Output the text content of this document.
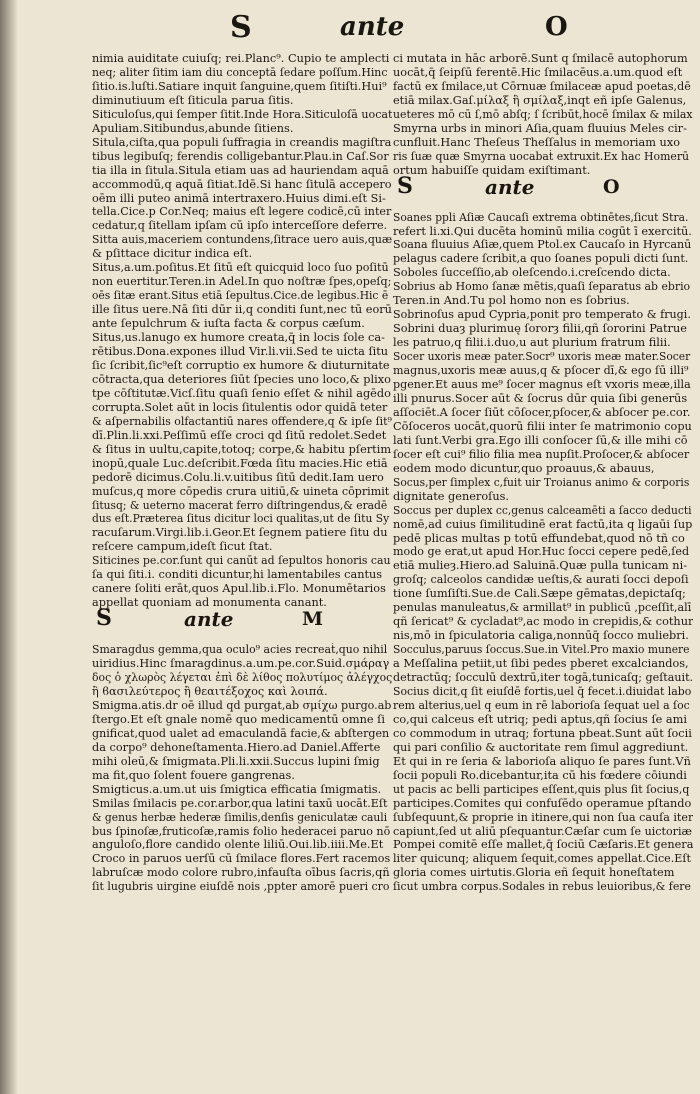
S	ante	O
nimia auiditate cuiuſq; rei.Planc⁹. Cupio te amplecti
neq; aliter ſitim iam diu conceptā ſedare poſſum.Hinc
ſitio.is.luſti.Satiare inquit ſanguine,quem ſitiſti.Hui⁹
diminutiuum eſt ſiticula parua ſitis.
Siticuloſus,qui ſemper ſitit.Inde Hora.Siticuloſā uocat
Apuliam.Sitibundus,abunde ſitiens.
Situla,ciſta,qua populi ſuffragia in creandis magiſtra
tibus legibuſq; ferendis colligebantur.Plau.in Caſ.Sor
tia illa in ſitula.Situla etiam uas ad hauriendam aquā
accommodū,q aquā ſitiat.Idē.Si hanc ſitulā accepero
oēm illi puteo animā intertraxero.Huius dimi.eſt Si-
tella.Cice.p Cor.Neq; maius eſt legere codicē,cū inter
cedatur,q ſitellam ipſam cū ipſo interceſſore deferre.
Sitta auis,maceriem contundens,ſitrace uero auis,quæ
& pſittace dicitur indica eſt.
Situs,a.um.poſitus.Et ſitū eſt quicquid loco ſuo poſitū
non euertitur.Teren.in Adel.In quo noſtræ ſpes,opeſq;
oēs ſitæ erant.Situs etiā ſepultus.Cice.de legibus.Hic ē
ille ſitus uere.Nā ſiti dūr ii,q conditi ſunt,nec tū eorū
ante ſepulchrum & iuſta facta & corpus cæſum.
Situs,us.lanugo ex humore creata,q̄ in locis ſole ca-
rētibus.Dona.expones illud Vir.li.vii.Sed te uicta ſitu
ſic ſcribit,ſic⁹eſt corruptio ex humore & diuturnitate
cōtracta,qua deteriores ſiūt ſpecies uno loco,& plixo
tpe cōſtitutæ.Vicſ.ſitu quaſi ſenio eſſet & nihil agēdo
corrupta.Solet aūt in locis ſitulentis odor quidā teter
& aſpernabilis olfactantiū nares offendere,q & ipſe ſit⁹
dī.Plin.li.xxi.Peſſimū eſſe croci qd ſitū redolet.Sedet
& ſitus in uultu,capite,totoq; corpe,& habitu pſertim
inopū,quale Luc.deſcribit.Fœda ſitu macies.Hic etiā
pedorē dicimus.Colu.li.v.uitibus ſitū dedit.Iam uero
muſcus,q more cōpedis crura uitiū,& uineta cōprimit
ſitusq; & ueterno macerat ferro diſtringendus,& eradē
dus eſt.Præterea ſitus dicitur loci qualitas,ut de ſitu Sy
racuſarum.Virgi.lib.i.Geor.Et ſegnem patiere ſitu du
reſcere campum,ideſt ſicut ſtat.
Siticines pe.cor.ſunt qui canūt ad ſepultos honoris cau
ſa qui ſiti.i. conditi dicuntur,hi lamentabiles cantus
canere ſoliti erāt,quos Apul.lib.i.Flo. Monumētarios
appellat quoniam ad monumenta canant.
S	ante	M
Smaragdus gemma,qua oculo⁹ acies recreaṫ,quo nihil
uiridius.Hinc ſmaragdinus.a.um.pe.cor.Suid.σμάραγ
δος ὁ χλωρὸς λέγεται ἐπὶ δὲ λίθος πολυτίμος ἀλέγχος
ἢ ϐασιλεύτερος ἢ θεαιτέξοχος καὶ λοιπά.
Smigma.atis.dr oē illud qd purgat,ab σμίχω purgo.ab
ſtergo.Et eſt gnale nomē quo medicamentū omne ſi
gnificat,quod ualet ad emaculandā facie,& abſtergen
da corpo⁹ dehoneſtamenta.Hiero.ad Daniel.Afferte
mihi oleū,& ſmigmata.Pli.li.xxii.Succus lupini ſmig
ma fit,quo ſolent fouere gangrenas.
Smigticus.a.um.ut uis ſmigtica efficatia ſmigmatis.
Smilas ſmilacis pe.cor.arbor,qua latini taxū uocāt.Eſt
& genus herbæ hederæ ſimilis,denſis geniculatæ cauli
bus ſpinoſæ,fruticoſæ,ramis folio hederacei paruo nō
anguloſo,flore candido olente liliū.Oui.lib.iiii.Me.Et
Croco in paruos uerſū cū ſmilace flores.Fert racemos
labruſcæ modo colore rubro,infauſta oībus ſacris,qñ
ſit lugubris uirgine eiuſdē nois ,ppter amorē pueri cro
ci mutata in hāc arborē.Sunt q ſmilacē autophorum
uocāt,q̄ ſeipſū ferentē.Hic ſmilacēus.a.um.quod eſt
factū ex ſmilace,ut Cōrnuæ ſmilaceæ apud poetas,dē
etiā milax.Gaſ.μίλαξ ἢ σμίλαξ,inqt eñ ipſe Galenus,
ueteres mō cū ſ,mō abſq; ſ ſcribūt,hocē ſmilax & milax
Smyrna urbs in minori Aſia,quam fluuius Meles cir-
cunfluit.Hanc Theſeus Theſſalus in memoriam uxo
ris ſuæ quæ Smyrna uocabaṫ extruxit.Ex hac Homerū
ortum habuiſſe quidam exiſtimant.
S	ante	O
Soanes ppli Aſiæ Caucaſi extrema obtinētes,ſicut Stra.
refert li.xi.Qui ducēta hominū milia cogūt ī exercitū.
Soana fluuius Aſiæ,quem Ptol.ex Caucaſo in Hyrcanū
pelagus cadere ſcribit,a quo ſoanes populi dicti ſunt.
Soboles ſucceſſio,ab oleſcendo.i.creſcendo dicta.
Sobrius ab Homo ſanæ mētis,quaſi ſeparatus ab ebrio
Teren.in And.Tu pol homo non es ſobrius.
Sobrinoſus apud Cypria,ponit pro temperato & frugi.
Sobrini duaȝ plurimuę ſororȝ filii,qñ ſororini Patrue
les patruo,q filii.i.duo,u aut plurium fratrum filii.
Socer uxoris meæ pater.Socr⁹ uxoris meæ mater.Socer
magnus,uxoris meæ auus,q & pſocer dī,& ego ſū illi⁹
pgener.Et auus me⁹ ſocer magnus eſt vxoris meæ,illa
illi pnurus.Socer aūt & ſocrus dūr quia ſibi generūs
aſſociēt.A ſocer ſiūt cōſocer,pſocer,& abſocer pe.cor.
Cōſoceros uocāt,quorū filii inter ſe matrimonio copu
lati ſunt.Verbi gra.Ego illi conſocer ſū,& ille mihi cō
ſocer eſt cui⁹ filio filia mea nupſit.Proſocer,& abſocer
eodem modo dicuntur,quo proauus,& abauus,
Socus,per ſimplex c,fuit uir Troianus animo & corporis
dignitate generoſus.
Soccus per duplex cc,genus calceamēti a ſacco deducti
nomē,ad cuius ſimilitudinē erat factū,ita q ligaūi ſup
pedē plicas multas p totū effundebat,quod nō tñ co
modo ge erat,ut apud Hor.Huc ſocci cepere pedē,ſed
etiā mulieȝ.Hiero.ad Saluinā.Quæ pulla tunicam ni-
groſq; calceolos candidæ ueſtis,& aurati ſocci depoſi
tione ſumſiſti.Sue.de Cali.Sæpe gēmatas,depictaſq;
penulas manuleatus,& armillat⁹ in publicū ,pceſſit,alī
qñ ſericat⁹ & cycladat⁹,ac modo in crepidis,& cothur
nis,mō in ſpiculatoria caliga,nonnūq̄ ſocco muliebri.
Socculus,paruus ſoccus.Sue.in Vitel.Pro maxio munere
a Meſſalina petiit,ut ſibi pedes pberet excalciandos,
detractūq; ſocculū dextrū,iter togā,tunicaſq; geſtauit.
Socius dicit,q ſit eiuſdē fortis,uel q̄ fecet.i.diuidat labo
rem alterius,uel q eum in rē laborioſa ſequat̄ uel a ſoc
co,qui calceus eſt utriq; pedi aptus,qñ ſocius ſe ami
co commodum in utraq; fortuna pbeat.Sunt aūt ſocii
qui pari conſilio & auctoritate rem ſimul aggrediunt.
Et qui in re ſeria & laborioſa aliquo ſe pares ſunt.Vñ
ſocii populi Ro.dicebantur,ita cū his fœdere cōiundi
ut pacis ac belli participes eſſent,quis plus ſit ſocius,q
participes.Comites qui confuſēdo operamue pſtando
ſubſequunt,& proprie in itinere,qui non ſua cauſa iter
capiunt,ſed ut aliū pſequantur.Cæſar cum ſe uictoriæ
Pompei comitē eſſe mallet,q̄ ſociū Cæſaris.Et genera
liter quicunq; aliquem ſequit,comes appellat.Cice.Eſt
gloria comes uirtutis.Gloria eñ ſequit honeſtatem
ſicut umbra corpus.Sodales in rebus leuioribus,& fere
